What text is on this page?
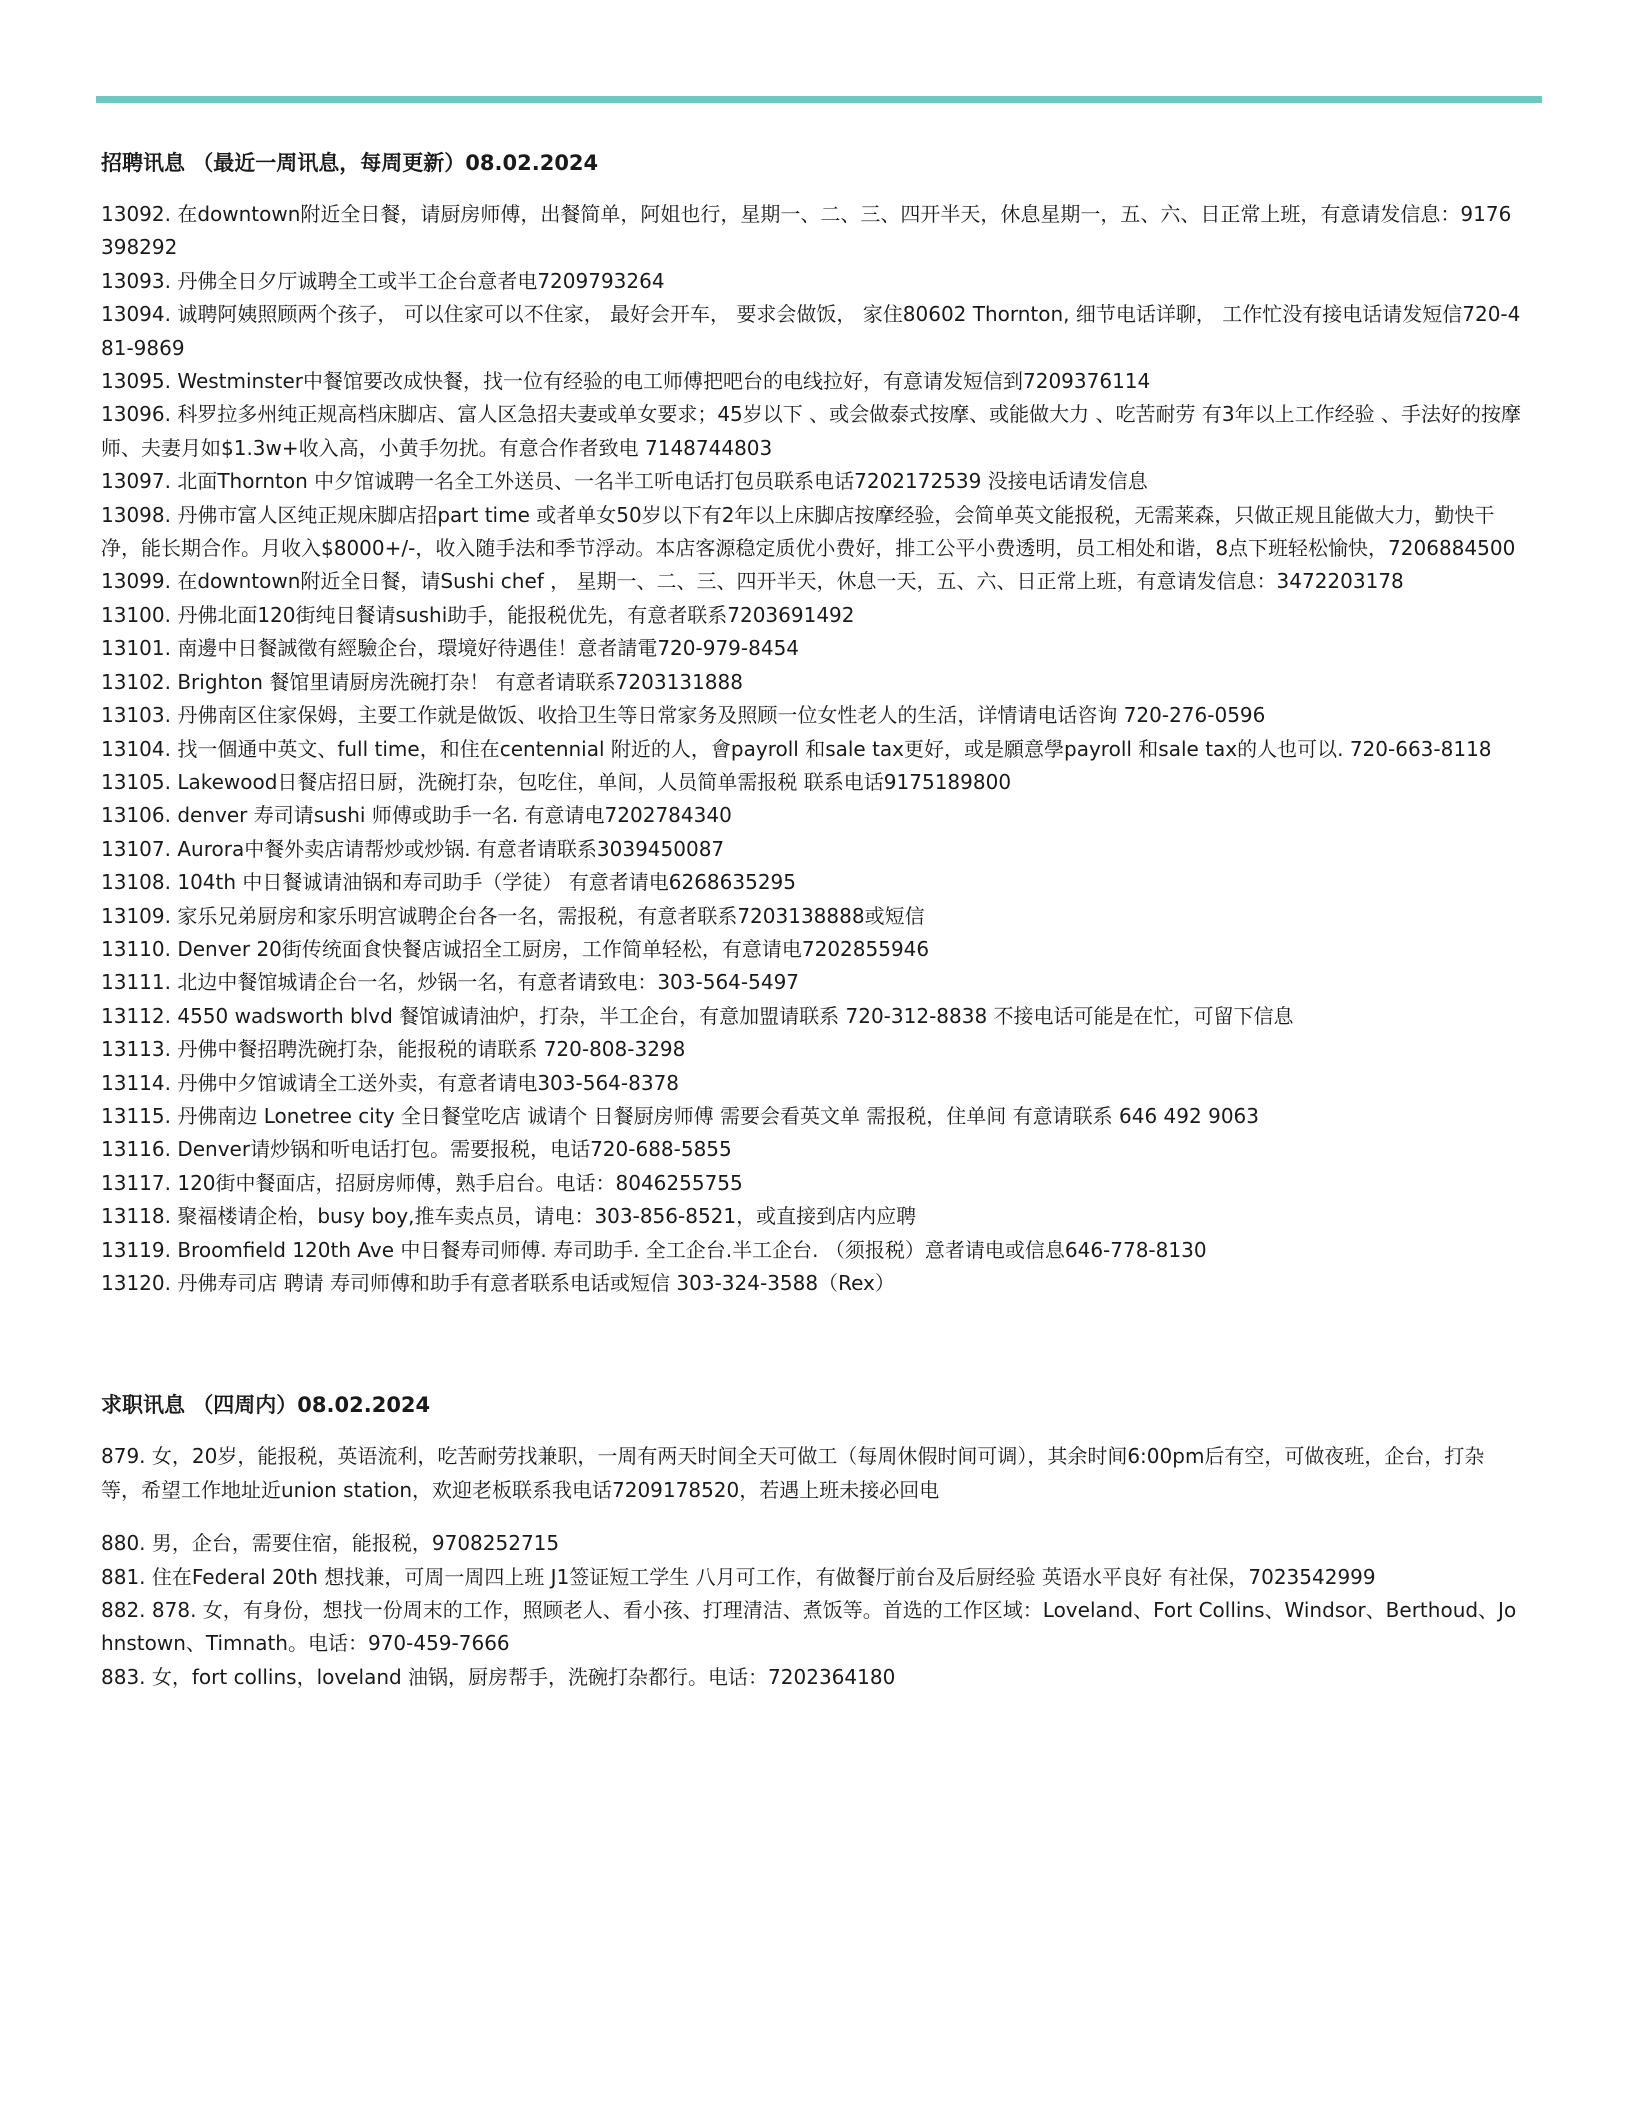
招聘讯息 （最近一周讯息，每周更新）08.02.2024

13092. 在downtown附近全日餐，请厨房师傅，出餐简单，阿姐也行，星期一、二、三、四开半天，休息星期一，五、六、日正常上班，有意请发信息：9176398292

13093. 丹佛全日夕厅诚聘全工或半工企台意者电7209793264

13094. 诚聘阿姨照顾两个孩子， 可以住家可以不住家， 最好会开车， 要求会做饭， 家住80602 Thornton, 细节电话详聊， 工作忙没有接电话请发短信720-481-9869

13095. Westminster中餐馆要改成快餐，找一位有经验的电工师傅把吧台的电线拉好，有意请发短信到7209376114

13096. 科罗拉多州纯正规高档床脚店、富人区急招夫妻或单女要求；45岁以下 、或会做泰式按摩、或能做大力 、吃苦耐劳 有3年以上工作经验 、手法好的按摩师、夫妻月如$1.3w+收入高，小黄手勿扰。有意合作者致电 7148744803

13097. 北面Thornton 中夕馆诚聘一名全工外送员、一名半工听电话打包员联系电话7202172539 没接电话请发信息

13098. 丹佛市富人区纯正规床脚店招part time 或者单女50岁以下有2年以上床脚店按摩经验，会简单英文能报税，无需莱森，只做正规且能做大力，勤快干净，能长期合作。月收入$8000+/-，收入随手法和季节浮动。本店客源稳定质优小费好，排工公平小费透明，员工相处和谐，8点下班轻松愉快，7206884500

13099. 在downtown附近全日餐，请Sushi chef ， 星期一、二、三、四开半天，休息一天，五、六、日正常上班，有意请发信息：3472203178

13100. 丹佛北面120街纯日餐请sushi助手，能报税优先，有意者联系7203691492

13101. 南邊中日餐誠徵有經驗企台，環境好待遇佳！意者請電720-979-8454

13102. Brighton 餐馆里请厨房洗碗打杂！ 有意者请联系7203131888

13103. 丹佛南区住家保姆，主要工作就是做饭、收拾卫生等日常家务及照顾一位女性老人的生活，详情请电话咨询 720-276-0596

13104. 找一個通中英文、full time，和住在centennial 附近的人，會payroll 和sale tax更好，或是願意學payroll 和sale tax的人也可以. 720-663-8118

13105. Lakewood日餐店招日厨，洗碗打杂，包吃住，单间，人员简单需报税 联系电话9175189800

13106. denver 寿司请sushi 师傅或助手一名. 有意请电7202784340

13107. Aurora中餐外卖店请帮炒或炒锅. 有意者请联系3039450087

13108. 104th 中日餐诚请油锅和寿司助手（学徒） 有意者请电6268635295

13109. 家乐兄弟厨房和家乐明宫诚聘企台各一名，需报税，有意者联系7203138888或短信

13110. Denver 20街传统面食快餐店诚招全工厨房，工作简单轻松，有意请电7202855946

13111. 北边中餐馆城请企台一名，炒锅一名，有意者请致电：303-564-5497

13112. 4550 wadsworth blvd 餐馆诚请油炉，打杂，半工企台，有意加盟请联系 720-312-8838 不接电话可能是在忙，可留下信息

13113. 丹佛中餐招聘洗碗打杂，能报税的请联系 720-808-3298

13114. 丹佛中夕馆诚请全工送外卖，有意者请电303-564-8378

13115. 丹佛南边 Lonetree city 全日餐堂吃店 诚请个 日餐厨房师傅 需要会看英文单 需报税，住单间 有意请联系 646 492 9063

13116. Denver请炒锅和听电话打包。需要报税，电话720-688-5855

13117. 120街中餐面店，招厨房师傅，熟手启台。电话：8046255755

13118. 聚福楼请企枱，busy boy,推车卖点员，请电：303-856-8521，或直接到店内应聘

13119. Broomfield 120th Ave 中日餐寿司师傅. 寿司助手. 全工企台.半工企台. （须报税）意者请电或信息646-778-8130

13120. 丹佛寿司店 聘请 寿司师傅和助手有意者联系电话或短信 303-324-3588（Rex）

求职讯息 （四周内）08.02.2024

879. 女，20岁，能报税，英语流利，吃苦耐劳找兼职，一周有两天时间全天可做工（每周休假时间可调），其余时间6:00pm后有空，可做夜班，企台，打杂等，希望工作地址近union station，欢迎老板联系我电话7209178520，若遇上班未接必回电

880. 男，企台，需要住宿，能报税，9708252715

881. 住在Federal 20th 想找兼，可周一周四上班 J1签证短工学生 八月可工作，有做餐厅前台及后厨经验 英语水平良好 有社保，7023542999

882. 878. 女，有身份，想找一份周末的工作，照顾老人、看小孩、打理清洁、煮饭等。首选的工作区域：Loveland、Fort Collins、Windsor、Berthoud、Johnstown、Timnath。电话：970-459-7666

883. 女，fort collins，loveland 油锅，厨房帮手，洗碗打杂都行。电话：7202364180
